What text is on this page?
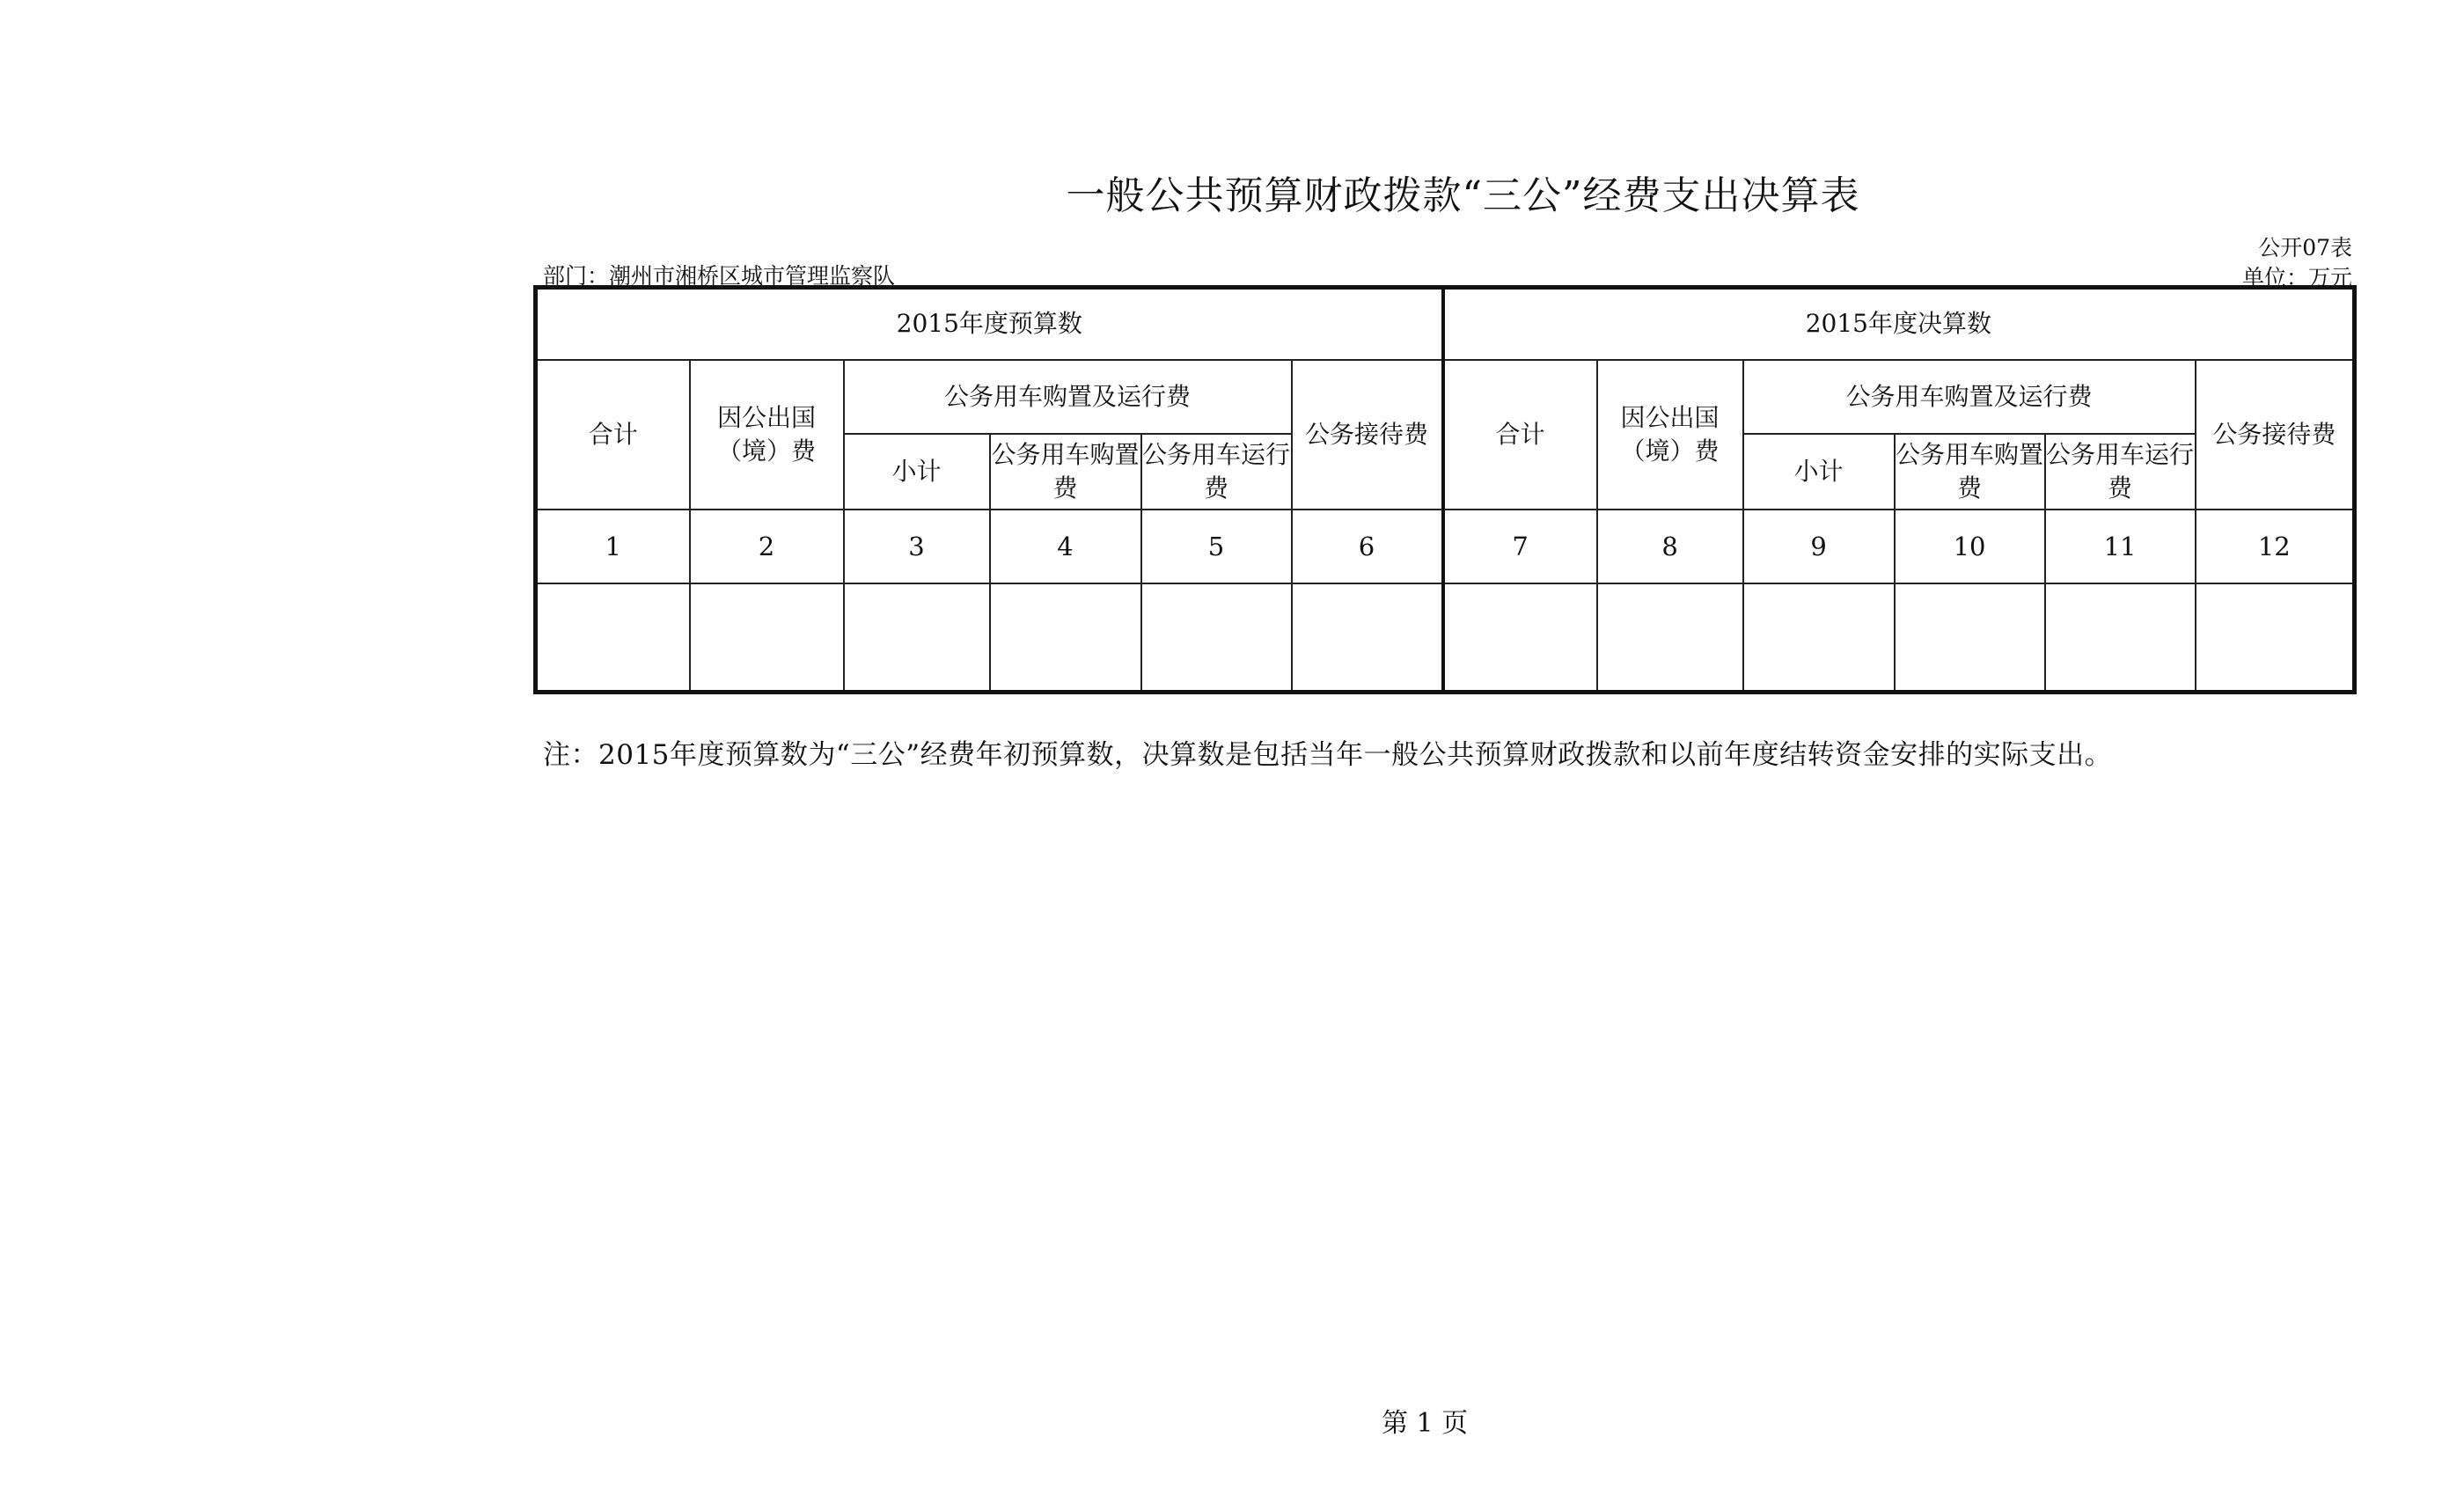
一般公共预算财政拨款“三公”经费支出决算表
公开07表
单位：万元
部门：潮州市湘桥区城市管理监察队
2015年度预算数						2015年度决算数					
合计	因公出国（境）费	公务用车购置及运行费			公务接待费	合计	因公出国（境）费	公务用车购置及运行费			公务接待费
		小计	公务用车购置费	公务用车运行费				小计	公务用车购置费	公务用车运行费	
1	2	3	4	5	6	7	8	9	10	11	12

注：2015年度预算数为“三公”经费年初预算数，决算数是包括当年一般公共预算财政拨款和以前年度结转资金安排的实际支出。
第 1 页
